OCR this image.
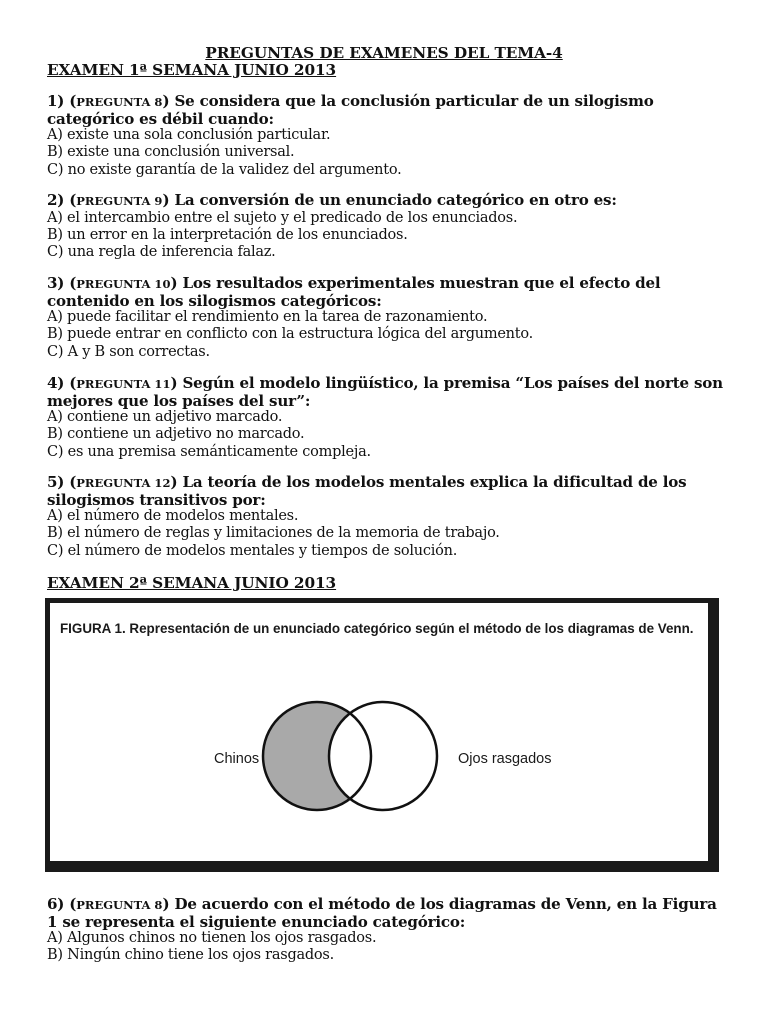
PREGUNTAS DE EXAMENES DEL TEMA-4
EXAMEN 1ª SEMANA JUNIO 2013
1) (PREGUNTA 8) Se considera que la conclusión particular de un silogismo categórico es débil cuando:
A) existe una sola conclusión particular.
B) existe una conclusión universal.
C) no existe garantía de la validez del argumento.
2) (PREGUNTA 9) La conversión de un enunciado categórico en otro es:
A) el intercambio entre el sujeto y el predicado de los enunciados.
B) un error en la interpretación de los enunciados.
C) una regla de inferencia falaz.
3) (PREGUNTA 10) Los resultados experimentales muestran que el efecto del contenido en los silogismos categóricos:
A) puede facilitar el rendimiento en la tarea de razonamiento.
B) puede entrar en conflicto con la estructura lógica del argumento.
C) A y B son correctas.
4) (PREGUNTA 11) Según el modelo lingüístico, la premisa “Los países del norte son mejores que los países del sur”:
A) contiene un adjetivo marcado.
B) contiene un adjetivo no marcado.
C) es una premisa semánticamente compleja.
5) (PREGUNTA 12) La teoría de los modelos mentales explica la dificultad de los silogismos transitivos por:
A) el número de modelos mentales.
B) el número de reglas y limitaciones de la memoria de trabajo.
C) el número de modelos mentales y tiempos de solución.
EXAMEN 2ª SEMANA JUNIO 2013
FIGURA 1. Representación de un enunciado categórico según el método de los diagramas de Venn.
Chinos	Ojos rasgados
6) (PREGUNTA 8) De acuerdo con el método de los diagramas de Venn, en la Figura 1 se representa el siguiente enunciado categórico:
A) Algunos chinos no tienen los ojos rasgados.
B) Ningún chino tiene los ojos rasgados.
